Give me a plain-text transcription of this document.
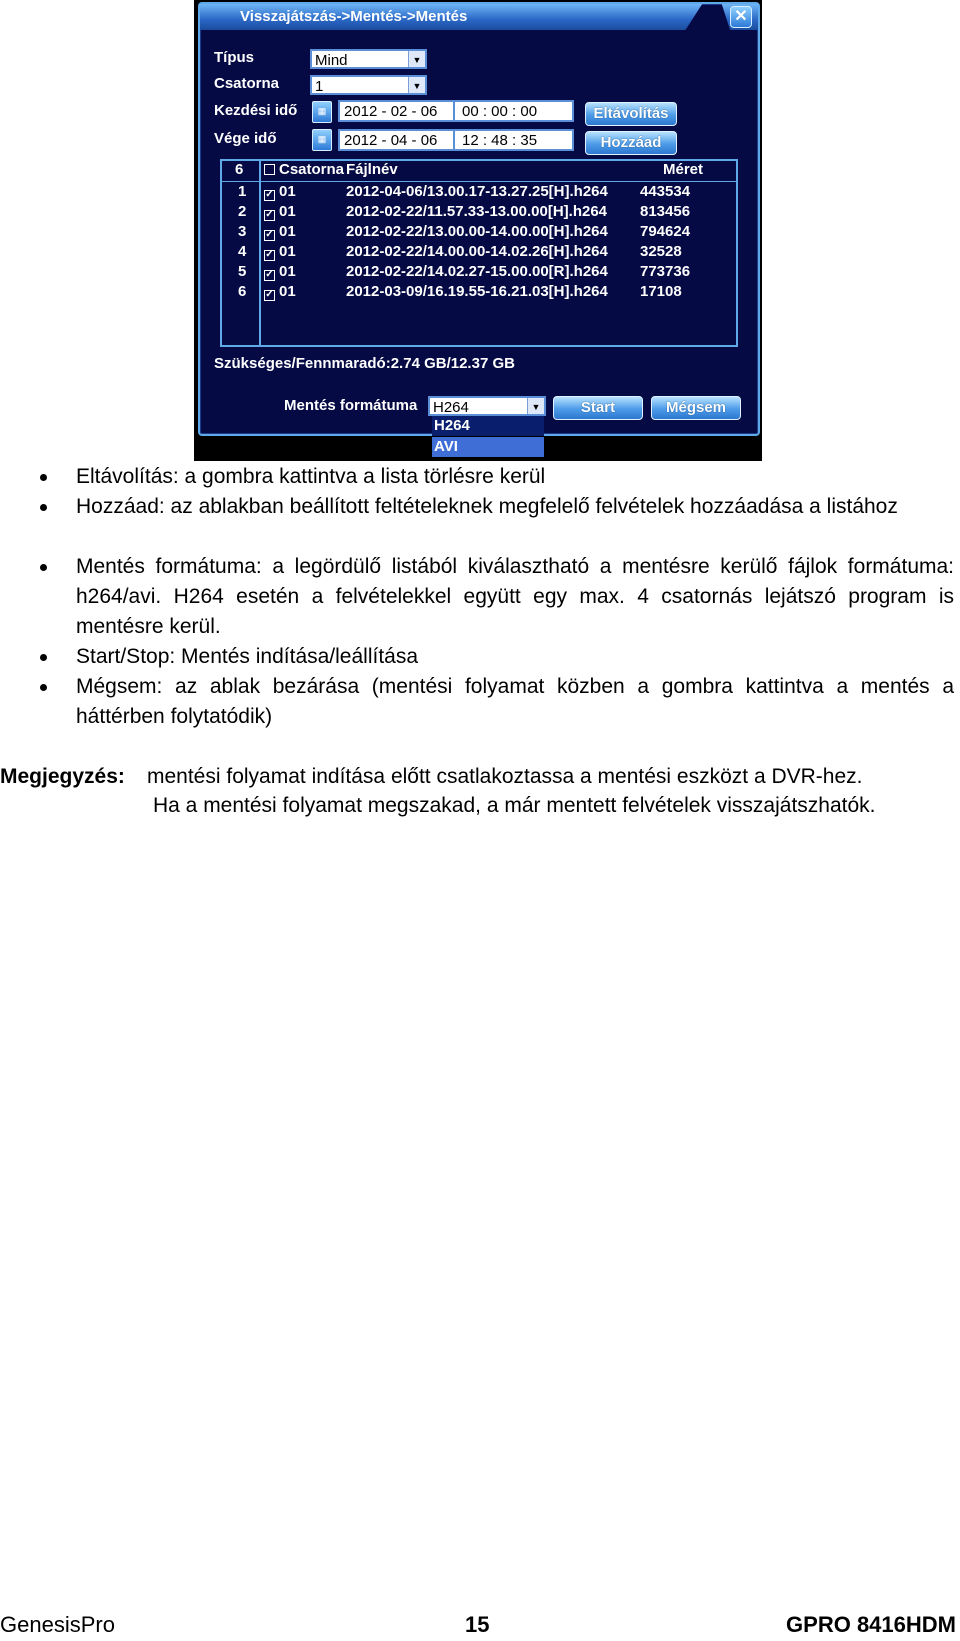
Visszajátszás->Mentés->Mentés	✕
Típus	Mind	▼
Csatorna	1	▼
Kezdési idő	▦	2012 - 02 - 06 00 : 00 : 00	Eltávolítás
Vége idő	▦	2012 - 04 - 06 12 : 48 : 35	Hozzáad
6	Csatorna Fájlnév	Méret
1 ✓ 01	2012-04-06/13.00.17-13.27.25[H].h264 443534
2 ✓ 01	2012-02-22/11.57.33-13.00.00[H].h264 813456
3 ✓ 01	2012-02-22/13.00.00-14.00.00[H].h264 794624
4 ✓ 01	2012-02-22/14.00.00-14.02.26[H].h264 32528
5 ✓ 01	2012-02-22/14.02.27-15.00.00[R].h264 773736
6 ✓ 01	2012-03-09/16.19.55-16.21.03[H].h264 17108
Szükséges/Fennmaradó:2.74 GB/12.37 GB
Mentés formátuma	H264	▼	Start	Mégsem
H264
AVI
Eltávolítás: a gombra kattintva a lista törlésre kerül
Hozzáad: az ablakban beállított feltételeknek megfelelő felvételek hozzáadása a listához
Mentés formátuma: a legördülő listából kiválasztható a mentésre kerülő fájlok formátuma: h264/avi. H264 esetén a felvételekkel együtt egy max. 4 csatornás lejátszó program is mentésre kerül.
Start/Stop: Mentés indítása/leállítása
Mégsem: az ablak bezárása (mentési folyamat közben a gombra kattintva a mentés a háttérben folytatódik)
Megjegyzés: mentési folyamat indítása előtt csatlakoztassa a mentési eszközt a DVR-hez.
Ha a mentési folyamat megszakad, a már mentett felvételek visszajátszhatók.
GenesisPro	15	GPRO 8416HDM
